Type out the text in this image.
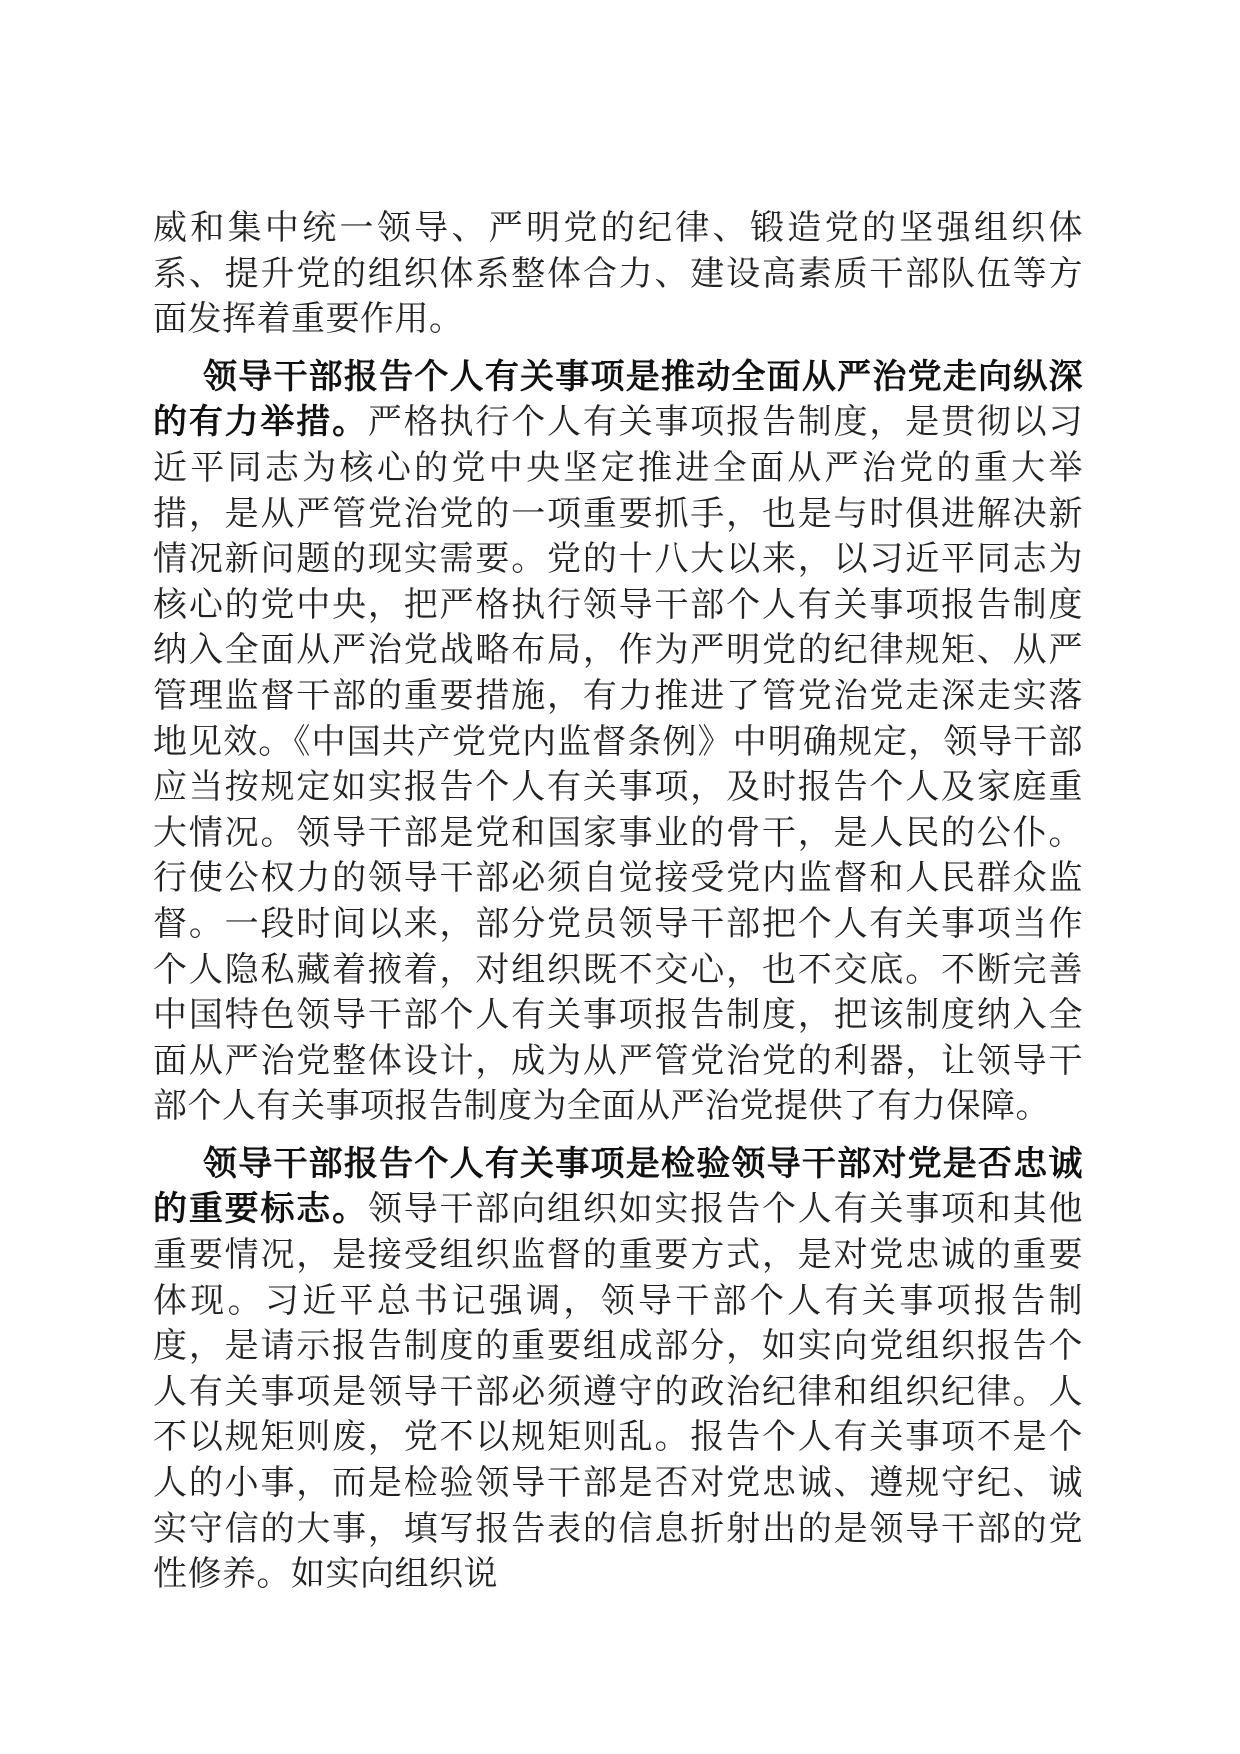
威和集中统一领导、严明党的纪律、锻造党的坚强组织体系、提升党的组织体系整体合力、建设高素质干部队伍等方面发挥着重要作用。

领导干部报告个人有关事项是推动全面从严治党走向纵深的有力举措。严格执行个人有关事项报告制度，是贯彻以习近平同志为核心的党中央坚定推进全面从严治党的重大举措，是从严管党治党的一项重要抓手，也是与时俱进解决新情况新问题的现实需要。党的十八大以来，以习近平同志为核心的党中央，把严格执行领导干部个人有关事项报告制度纳入全面从严治党战略布局，作为严明党的纪律规矩、从严管理监督干部的重要措施，有力推进了管党治党走深走实落地见效。《中国共产党党内监督条例》中明确规定，领导干部应当按规定如实报告个人有关事项，及时报告个人及家庭重大情况。领导干部是党和国家事业的骨干，是人民的公仆。行使公权力的领导干部必须自觉接受党内监督和人民群众监督。一段时间以来，部分党员领导干部把个人有关事项当作个人隐私藏着掖着，对组织既不交心，也不交底。不断完善中国特色领导干部个人有关事项报告制度，把该制度纳入全面从严治党整体设计，成为从严管党治党的利器，让领导干部个人有关事项报告制度为全面从严治党提供了有力保障。

领导干部报告个人有关事项是检验领导干部对党是否忠诚的重要标志。领导干部向组织如实报告个人有关事项和其他重要情况，是接受组织监督的重要方式，是对党忠诚的重要体现。习近平总书记强调，领导干部个人有关事项报告制度，是请示报告制度的重要组成部分，如实向党组织报告个人有关事项是领导干部必须遵守的政治纪律和组织纪律。人不以规矩则废，党不以规矩则乱。报告个人有关事项不是个人的小事，而是检验领导干部是否对党忠诚、遵规守纪、诚实守信的大事，填写报告表的信息折射出的是领导干部的党性修养。如实向组织说
